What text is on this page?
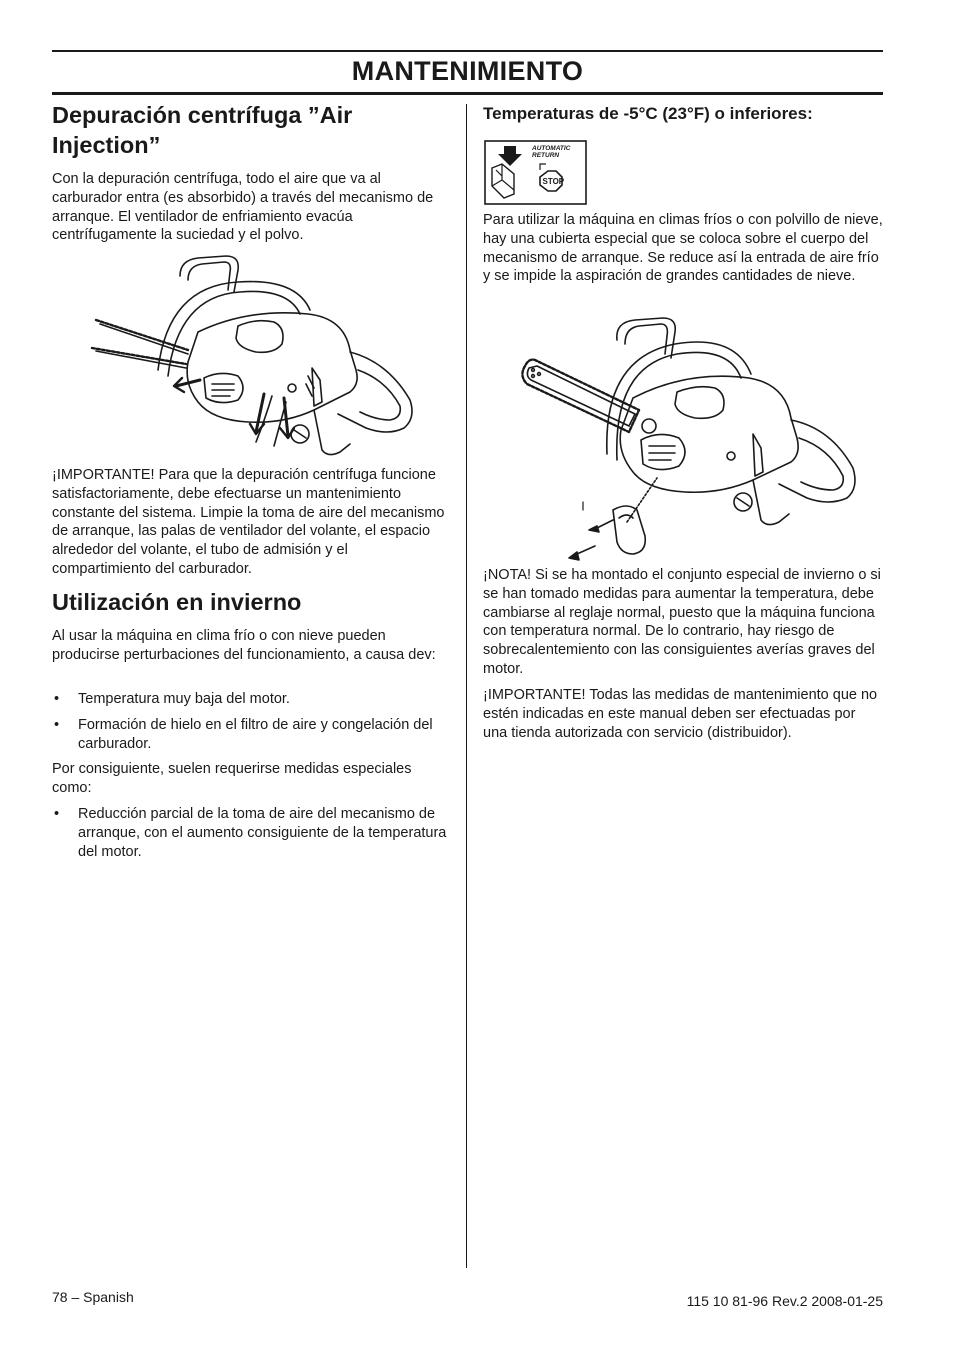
MANTENIMIENTO
Depuración centrífuga ”Air Injection”

Con la depuración centrífuga, todo el aire que va al carburador entra (es absorbido) a través del mecanismo de arranque. El ventilador de enfriamiento evacúa centrífugamente la suciedad y el polvo.

¡IMPORTANTE! Para que la depuración centrífuga funcione satisfactoriamente, debe efectuarse un mantenimiento constante del sistema. Limpie la toma de aire del mecanismo de arranque, las palas de ventilador del volante, el espacio alrededor del volante, el tubo de admisión y el compartimiento del carburador.

Utilización en invierno

Al usar la máquina en clima frío o con nieve pueden producirse perturbaciones del funcionamiento, a causa dev:

• Temperatura muy baja del motor.
• Formación de hielo en el filtro de aire y congelación del carburador.

Por consiguiente, suelen requerirse medidas especiales como:

• Reducción parcial de la toma de aire del mecanismo de arranque, con el aumento consiguiente de la temperatura del motor.
Temperaturas de -5°C (23°F) o inferiores:
AUTOMATIC
RETURN
STOP

Para utilizar la máquina en climas fríos o con polvillo de nieve, hay una cubierta especial que se coloca sobre el cuerpo del mecanismo de arranque. Se reduce así la entrada de aire frío y se impide la aspiración de grandes cantidades de nieve.

¡NOTA! Si se ha montado el conjunto especial de invierno o si se han tomado medidas para aumentar la temperatura, debe cambiarse al reglaje normal, puesto que la máquina funciona con temperatura normal. De lo contrario, hay riesgo de sobrecalentemiento con las consiguientes averías graves del motor.

¡IMPORTANTE! Todas las medidas de mantenimiento que no estén indicadas en este manual deben ser efectuadas por una tienda autorizada con servicio (distribuidor).

78 – Spanish	115 10 81-96 Rev.2 2008-01-25
